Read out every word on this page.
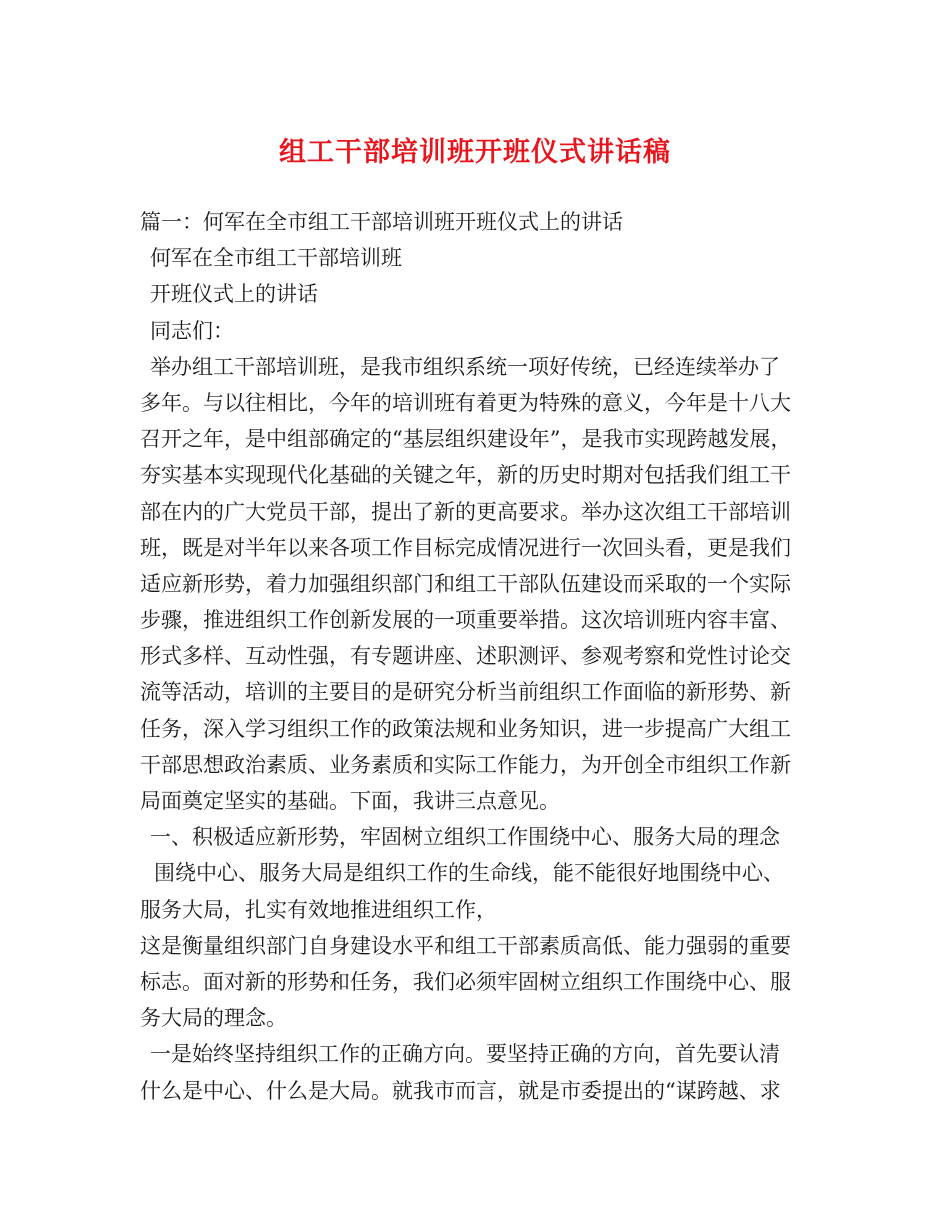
组工干部培训班开班仪式讲话稿
篇一：何军在全市组工干部培训班开班仪式上的讲话
何军在全市组工干部培训班
开班仪式上的讲话
同志们：
举办组工干部培训班，是我市组织系统一项好传统，已经连续举办了
多年。与以往相比，今年的培训班有着更为特殊的意义，今年是十八大
召开之年，是中组部确定的“基层组织建设年”，是我市实现跨越发展，
夯实基本实现现代化基础的关键之年，新的历史时期对包括我们组工干
部在内的广大党员干部，提出了新的更高要求。举办这次组工干部培训
班，既是对半年以来各项工作目标完成情况进行一次回头看，更是我们
适应新形势，着力加强组织部门和组工干部队伍建设而采取的一个实际
步骤，推进组织工作创新发展的一项重要举措。这次培训班内容丰富、
形式多样、互动性强，有专题讲座、述职测评、参观考察和党性讨论交
流等活动，培训的主要目的是研究分析当前组织工作面临的新形势、新
任务，深入学习组织工作的政策法规和业务知识，进一步提高广大组工
干部思想政治素质、业务素质和实际工作能力，为开创全市组织工作新
局面奠定坚实的基础。下面，我讲三点意见。
一、积极适应新形势，牢固树立组织工作围绕中心、服务大局的理念
围绕中心、服务大局是组织工作的生命线，能不能很好地围绕中心、
服务大局，扎实有效地推进组织工作，
这是衡量组织部门自身建设水平和组工干部素质高低、能力强弱的重要
标志。面对新的形势和任务，我们必须牢固树立组织工作围绕中心、服
务大局的理念。
一是始终坚持组织工作的正确方向。要坚持正确的方向，首先要认清
什么是中心、什么是大局。就我市而言，就是市委提出的“谋跨越、求
